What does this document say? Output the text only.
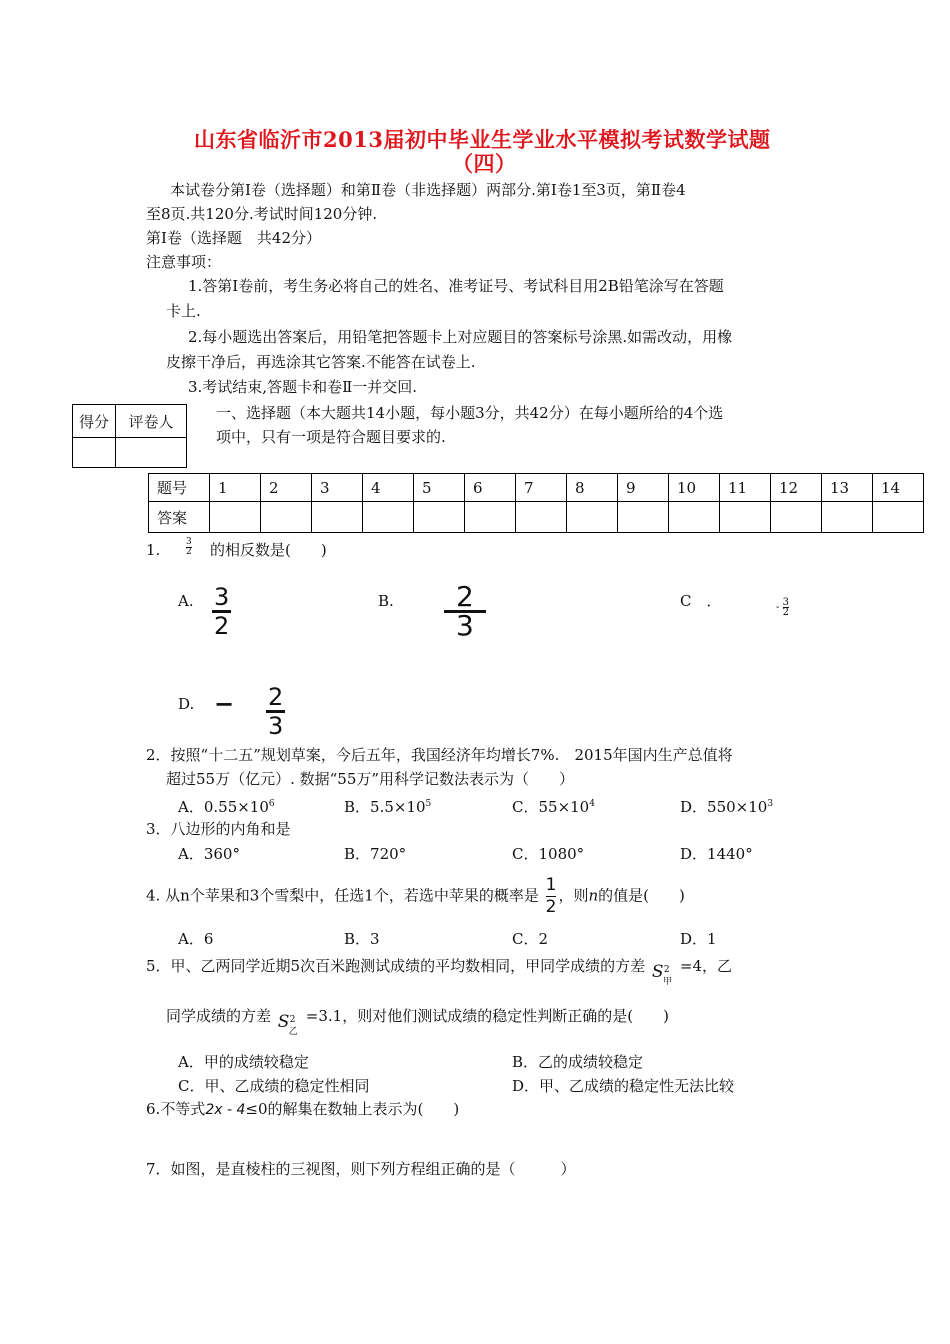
山东省临沂市2013届初中毕业生学业水平模拟考试数学试题
（四）
本试卷分第Ⅰ卷（选择题）和第Ⅱ卷（非选择题）两部分.第Ⅰ卷1至3页，第Ⅱ卷4
至8页.共120分.考试时间120分钟.
第Ⅰ卷（选择题　共42分）
注意事项：
1.答第Ⅰ卷前，考生务必将自己的姓名、准考证号、考试科目用2B铅笔涂写在答题
卡上.
2.每小题选出答案后，用铅笔把答题卡上对应题目的答案标号涂黑.如需改动，用橡
皮擦干净后，再选涂其它答案.不能答在试卷上.
3.考试结束,答题卡和卷Ⅱ一并交回.
得分	评卷人
		一、选择题（本大题共14小题，每小题3分，共42分）在每小题所给的4个选
项中，只有一项是符合题目要求的.
题号	1	2	3	4	5	6	7	8	9	10	11	12	13	14
答案														
1.	$\frac{3}{2}$ 的相反数是(　　)
A. $\frac{3}{2}$	B. $\frac{2}{3}$	C　．	- $\frac{3}{2}$
D. − $\frac{2}{3}$
2．按照“十二五”规划草案，今后五年，我国经济年均增长7%.　2015年国内生产总值将
超过55万（亿元）. 数据“55万”用科学记数法表示为（　　）
A．$0.55\times 10^6$	B．$5.5\times 10^5$	C．$55\times 10^4$	D．$550\times 10^3$
3．八边形的内角和是
A．360°	B．720°	C．1080°	D．1440°
4. 从n个苹果和3个雪梨中，任选1个，若选中苹果的概率是 $\frac{1}{2}$ ，则n的值是(　　)
A．6	B．3	C．2	D．1
5．甲、乙两同学近期5次百米跑测试成绩的平均数相同，甲同学成绩的方差 S 2
甲
=4，乙
同学成绩的方差 S 2
乙
=3.1，则对他们测试成绩的稳定性判断正确的是(　　)
A．甲的成绩较稳定	B．乙的成绩较稳定
C．甲、乙成绩的稳定性相同	D．甲、乙成绩的稳定性无法比较
6.不等式2x - 4≤0的解集在数轴上表示为(　　)
7．如图，是直棱柱的三视图，则下列方程组正确的是（　　　）
